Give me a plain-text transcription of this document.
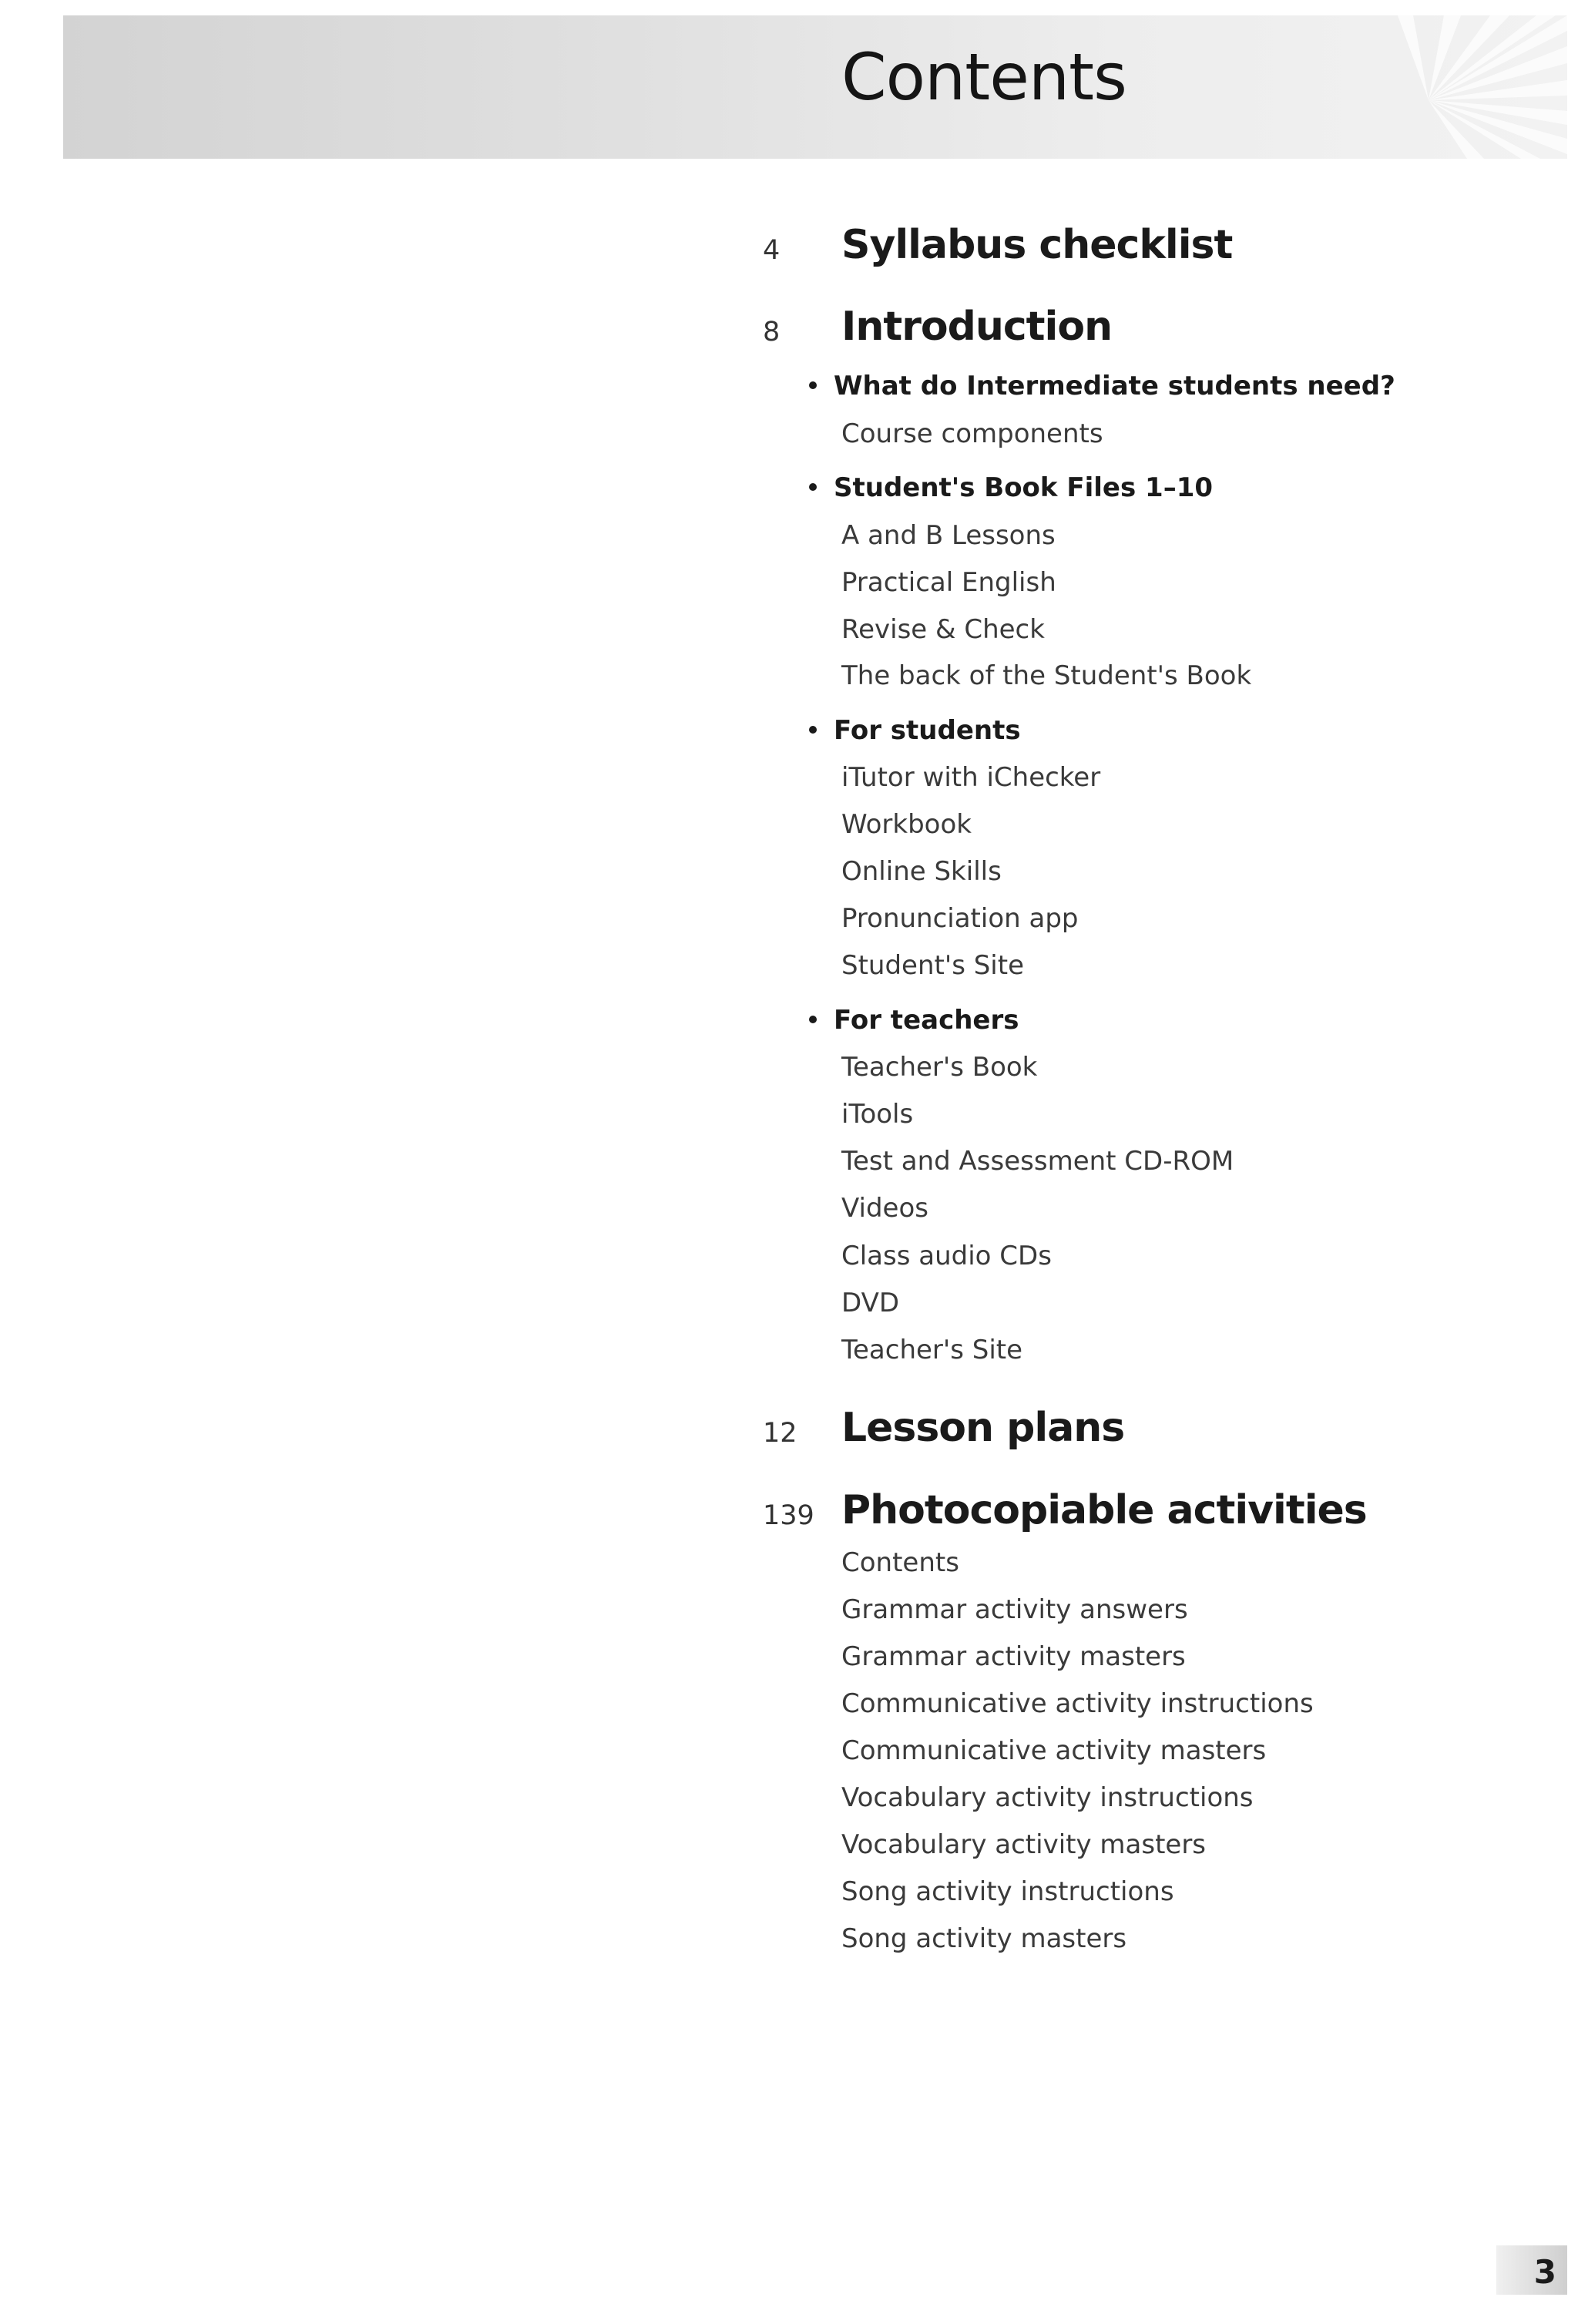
Contents
4	Syllabus checklist
8	Introduction
What do Intermediate students need?
Course components
Student's Book Files 1–10
A and B Lessons
Practical English
Revise & Check
The back of the Student's Book
For students
iTutor with iChecker
Workbook
Online Skills
Pronunciation app
Student's Site
For teachers
Teacher's Book
iTools
Test and Assessment CD-ROM
Videos
Class audio CDs
DVD
Teacher's Site
12	Lesson plans
139 Photocopiable activities
Contents
Grammar activity answers
Grammar activity masters
Communicative activity instructions
Communicative activity masters
Vocabulary activity instructions
Vocabulary activity masters
Song activity instructions
Song activity masters
3
